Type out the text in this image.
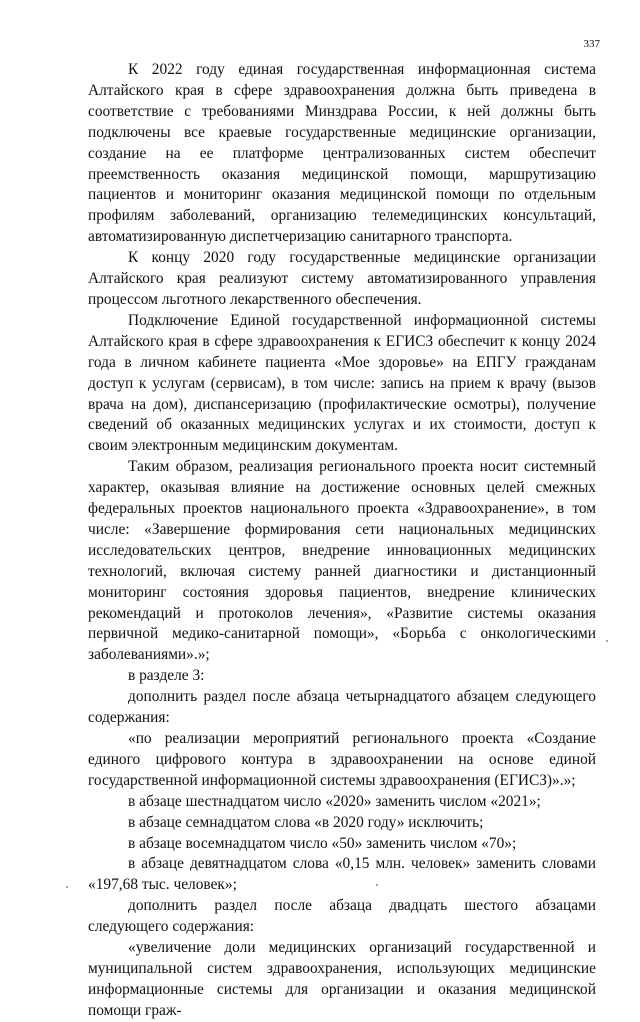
337

К 2022 году единая государственная информационная система Алтайского края в сфере здравоохранения должна быть приведена в соответствие с требованиями Минздрава России, к ней должны быть подключены все краевые государственные медицинские организации, создание на ее платформе централизованных систем обеспечит преемственность оказания медицинской помощи, маршрутизацию пациентов и мониторинг оказания медицинской помощи по отдельным профилям заболеваний, организацию телемедицинских консультаций, автоматизированную диспетчеризацию санитарного транспорта.

К концу 2020 году государственные медицинские организации Алтайского края реализуют систему автоматизированного управления процессом льготного лекарственного обеспечения.

Подключение Единой государственной информационной системы Алтайского края в сфере здравоохранения к ЕГИСЗ обеспечит к концу 2024 года в личном кабинете пациента «Мое здоровье» на ЕПГУ гражданам доступ к услугам (сервисам), в том числе: запись на прием к врачу (вызов врача на дом), диспансеризацию (профилактические осмотры), получение сведений об оказанных медицинских услугах и их стоимости, доступ к своим электронным медицинским документам.

Таким образом, реализация регионального проекта носит системный характер, оказывая влияние на достижение основных целей смежных федеральных проектов национального проекта «Здравоохранение», в том числе: «Завершение формирования сети национальных медицинских исследовательских центров, внедрение инновационных медицинских технологий, включая систему ранней диагностики и дистанционный мониторинг состояния здоровья пациентов, внедрение клинических рекомендаций и протоколов лечения», «Развитие системы оказания первичной медико-санитарной помощи», «Борьба с онкологическими заболеваниями».»;

в разделе 3:

дополнить раздел после абзаца четырнадцатого абзацем следующего содержания:

«по реализации мероприятий регионального проекта «Создание единого цифрового контура в здравоохранении на основе единой государственной информационной системы здравоохранения (ЕГИСЗ)».»;

в абзаце шестнадцатом число «2020» заменить числом «2021»;

в абзаце семнадцатом слова «в 2020 году» исключить;

в абзаце восемнадцатом число «50» заменить числом «70»;

в абзаце девятнадцатом слова «0,15 млн. человек» заменить словами «197,68 тыс. человек»;

дополнить раздел после абзаца двадцать шестого абзацами следующего содержания:

«увеличение доли медицинских организаций государственной и муниципальной систем здравоохранения, использующих медицинские информационные системы для организации и оказания медицинской помощи граж-
